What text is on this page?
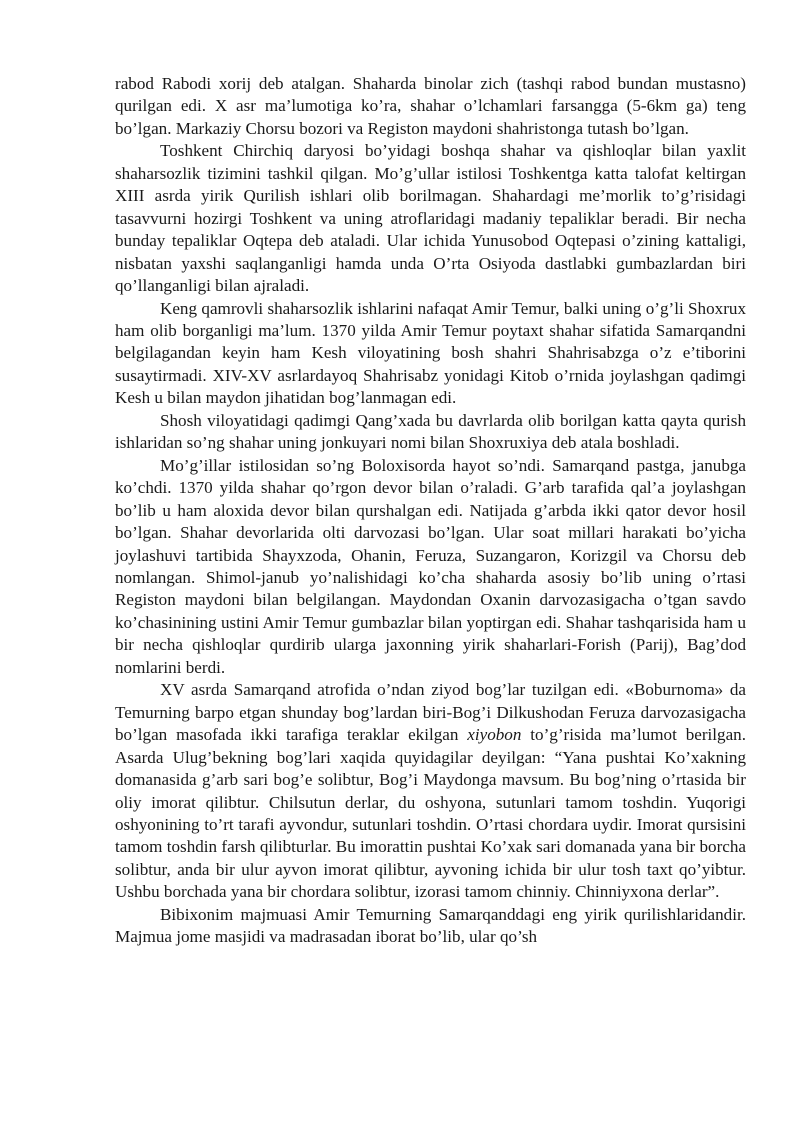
rabod Rabodi xorij deb atalgan. Shaharda binolar zich (tashqi rabod bundan mustasno) qurilgan edi. X asr ma’lumotiga ko’ra, shahar o’lchamlari farsangga (5-6km ga) teng bo’lgan. Markaziy Chorsu bozori va Registon maydoni shahristonga tutash bo’lgan.

Toshkent Chirchiq daryosi bo’yidagi boshqa shahar va qishloqlar bilan yaxlit shaharsozlik tizimini tashkil qilgan. Mo’g’ullar istilosi Toshkentga katta talofat keltirgan XIII asrda yirik Qurilish ishlari olib borilmagan. Shahardagi me’morlik to’g’risidagi tasavvurni hozirgi Toshkent va uning atroflaridagi madaniy tepaliklar beradi. Bir necha bunday tepaliklar Oqtepa deb ataladi. Ular ichida Yunusobod Oqtepasi o’zining kattaligi, nisbatan yaxshi saqlanganligi hamda unda O’rta Osiyoda dastlabki gumbazlardan biri qo’llanganligi bilan ajraladi.

Keng qamrovli shaharsozlik ishlarini nafaqat Amir Temur, balki uning o’g’li Shoxrux ham olib borganligi ma’lum. 1370 yilda Amir Temur poytaxt shahar sifatida Samarqandni belgilagandan keyin ham Kesh viloyatining bosh shahri Shahrisabzga o’z e’tiborini susaytirmadi. XIV-XV asrlardayoq Shahrisabz yonidagi Kitob o’rnida joylashgan qadimgi Kesh u bilan maydon jihatidan bog’lanmagan edi.

Shosh viloyatidagi qadimgi Qang’xada bu davrlarda olib borilgan katta qayta qurish ishlaridan so’ng shahar uning jonkuyari nomi bilan Shoxruxiya deb atala boshladi.

Mo’g’illar istilosidan so’ng Boloxisorda hayot so’ndi. Samarqand pastga, janubga ko’chdi. 1370 yilda shahar qo’rgon devor bilan o’raladi. G’arb tarafida qal’a joylashgan bo’lib u ham aloxida devor bilan qurshalgan edi. Natijada g’arbda ikki qator devor hosil bo’lgan. Shahar devorlarida olti darvozasi bo’lgan. Ular soat millari harakati bo’yicha joylashuvi tartibida Shayxzoda, Ohanin, Feruza, Suzangaron, Korizgil va Chorsu deb nomlangan. Shimol-janub yo’nalishidagi ko’cha shaharda asosiy bo’lib uning o’rtasi Registon maydoni bilan belgilangan. Maydondan Oxanin darvozasigacha o’tgan savdo ko’chasinining ustini Amir Temur gumbazlar bilan yoptirgan edi. Shahar tashqarisida ham u bir necha qishloqlar qurdirib ularga jaxonning yirik shaharlari-Forish (Parij), Bag’dod nomlarini berdi.

XV asrda Samarqand atrofida o’ndan ziyod bog’lar tuzilgan edi. «Boburnoma» da Temurning barpo etgan shunday bog’lardan biri-Bog’i Dilkushodan Feruza darvozasigacha bo’lgan masofada ikki tarafiga teraklar ekilgan xiyobon to’g’risida ma’lumot berilgan. Asarda Ulug’bekning bog’lari xaqida quyidagilar deyilgan: “Yana pushtai Ko’xakning domanasida g’arb sari bog’e solibtur, Bog’i Maydonga mavsum. Bu bog’ning o’rtasida bir oliy imorat qilibtur. Chilsutun derlar, du oshyona, sutunlari tamom toshdin. Yuqorigi oshyonining to’rt tarafi ayvondur, sutunlari toshdin. O’rtasi chordara uydir. Imorat qursisini tamom toshdin farsh qilibturlar. Bu imorattin pushtai Ko’xak sari domanada yana bir borcha solibtur, anda bir ulur ayvon imorat qilibtur, ayvoning ichida bir ulur tosh taxt qo’yibtur. Ushbu borchada yana bir chordara solibtur, izorasi tamom chinniy. Chinniyxona derlar”.

Bibixonim majmuasi Amir Temurning Samarqanddagi eng yirik qurilishlaridandir. Majmua jome masjidi va madrasadan iborat bo’lib, ular qo’sh
